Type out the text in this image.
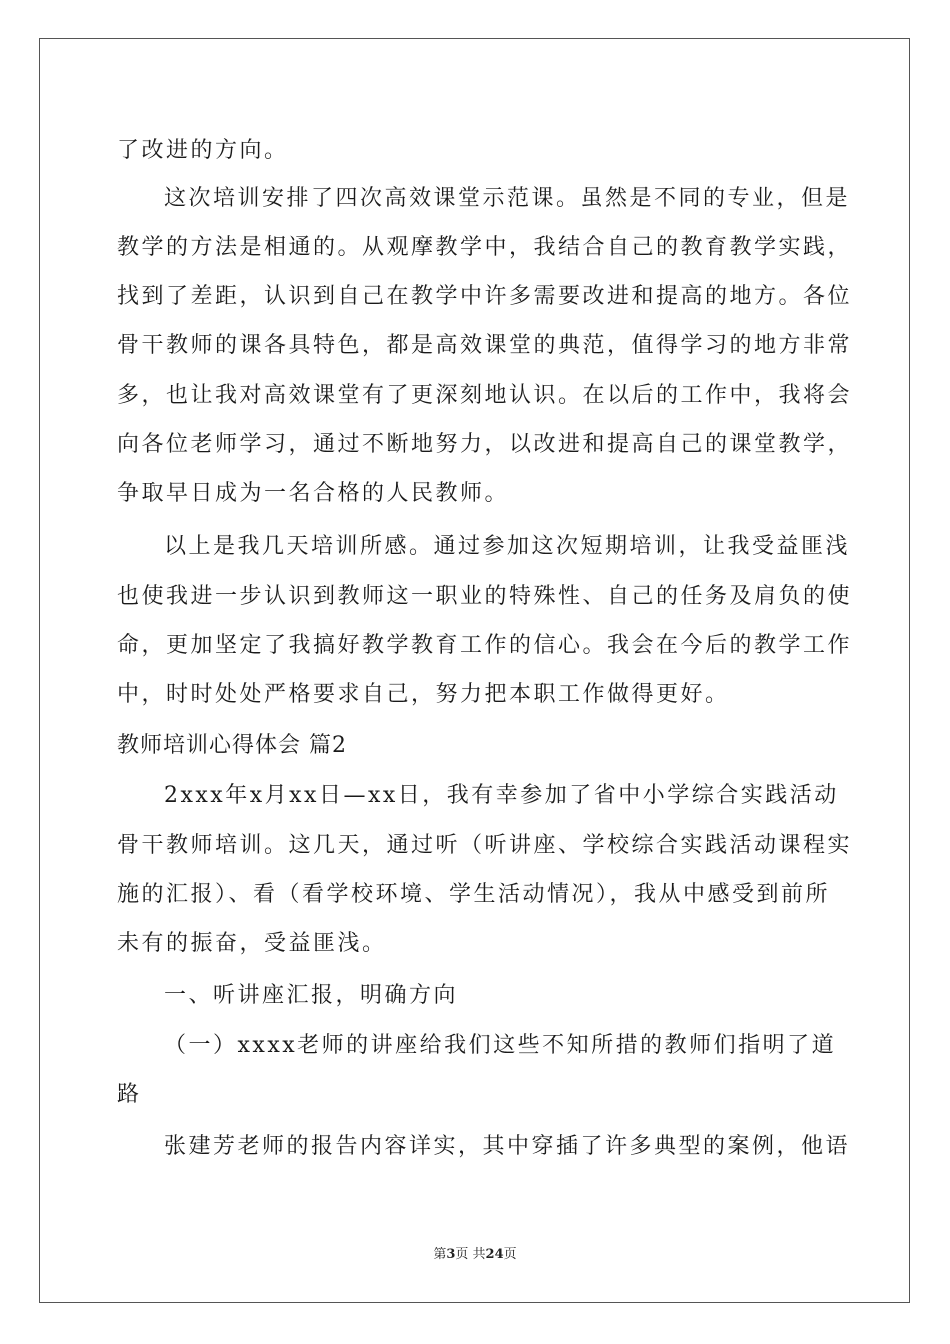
了改进的方向。
这次培训安排了四次高效课堂示范课。虽然是不同的专业，但是
教学的方法是相通的。从观摩教学中，我结合自己的教育教学实践，
找到了差距，认识到自己在教学中许多需要改进和提高的地方。各位
骨干教师的课各具特色，都是高效课堂的典范，值得学习的地方非常
多，也让我对高效课堂有了更深刻地认识。在以后的工作中，我将会
向各位老师学习，通过不断地努力，以改进和提高自己的课堂教学，
争取早日成为一名合格的人民教师。
以上是我几天培训所感。通过参加这次短期培训，让我受益匪浅
也使我进一步认识到教师这一职业的特殊性、自己的任务及肩负的使
命，更加坚定了我搞好教学教育工作的信心。我会在今后的教学工作
中，时时处处严格要求自己，努力把本职工作做得更好。
教师培训心得体会 篇2
2xxx年x月xx日—xx日，我有幸参加了省中小学综合实践活动
骨干教师培训。这几天，通过听（听讲座、学校综合实践活动课程实
施的汇报）、看（看学校环境、学生活动情况），我从中感受到前所
未有的振奋，受益匪浅。
一、听讲座汇报，明确方向
（一）xxxx老师的讲座给我们这些不知所措的教师们指明了道
路
张建芳老师的报告内容详实，其中穿插了许多典型的案例，他语
第3页 共24页
